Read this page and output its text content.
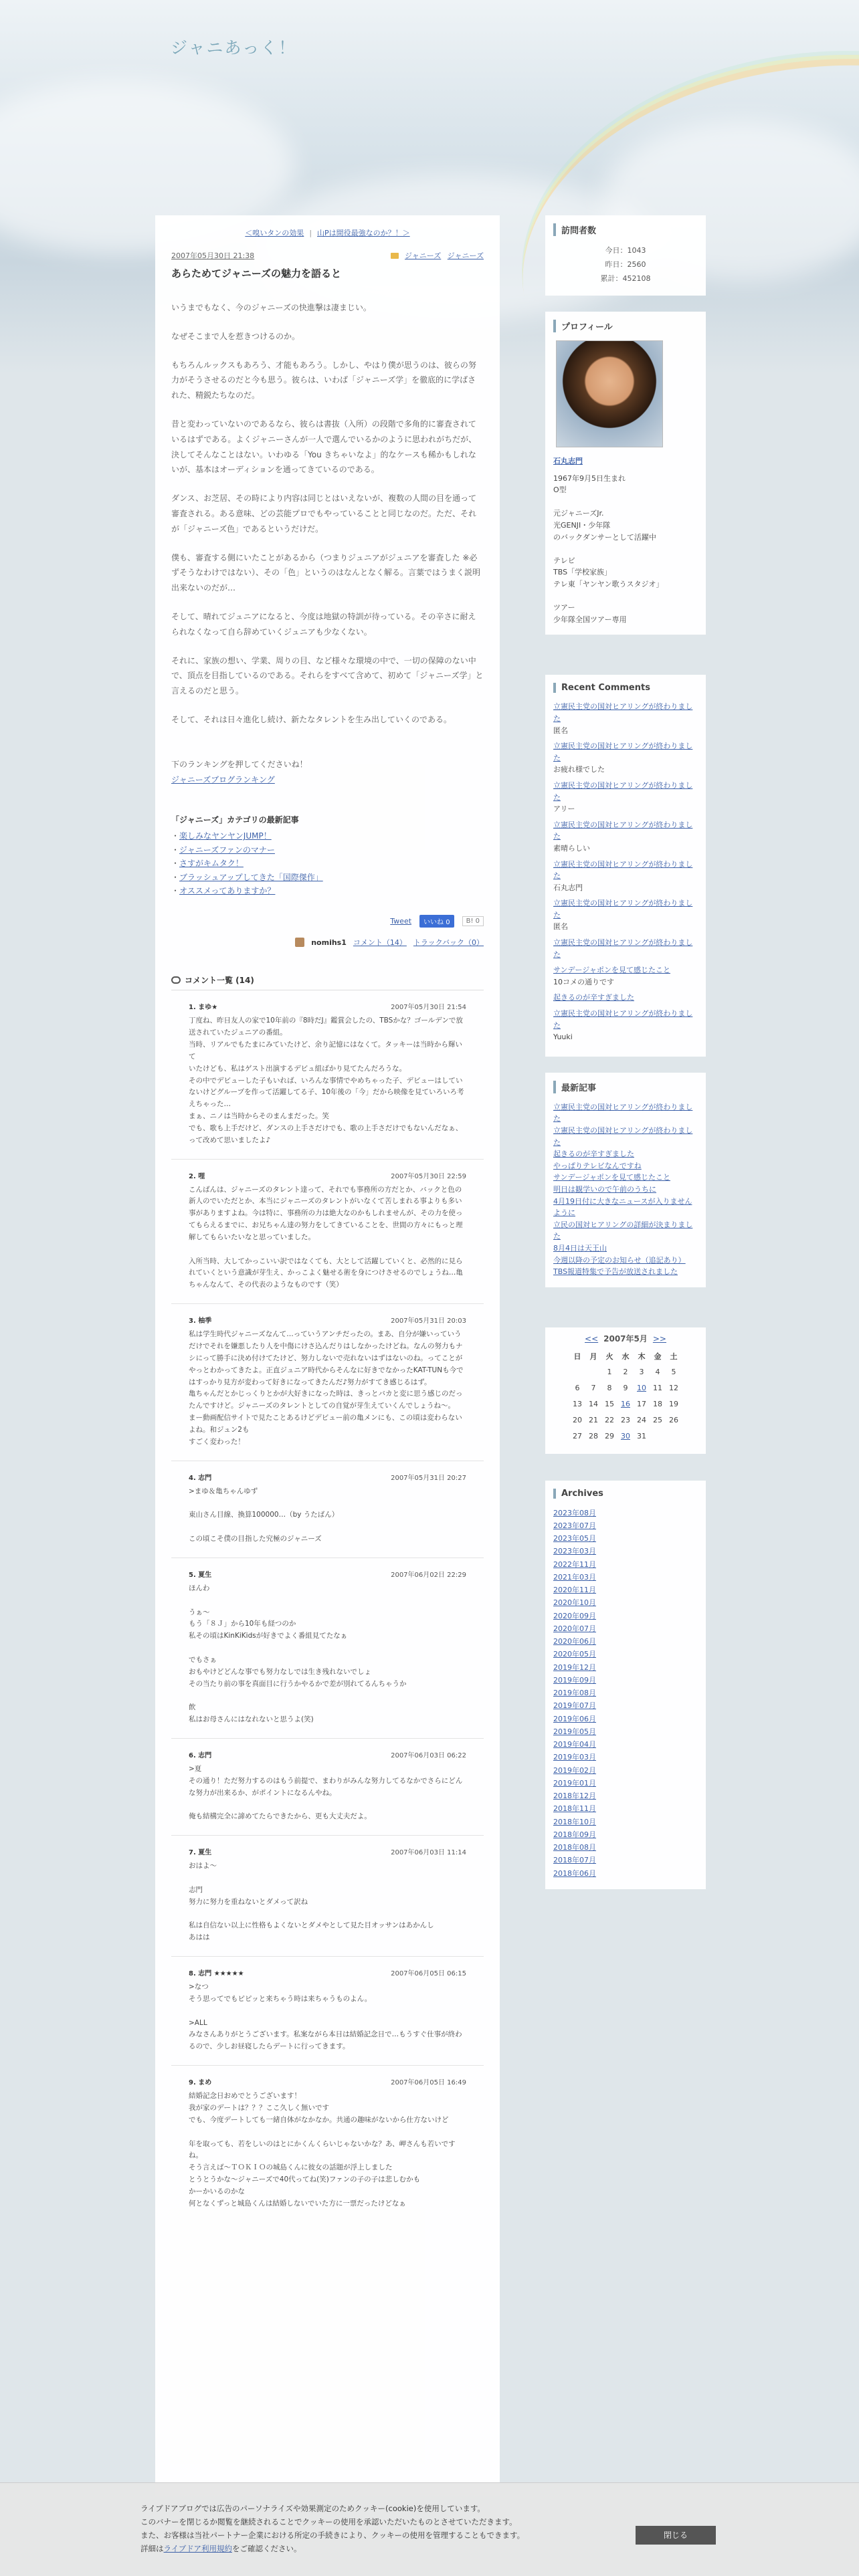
ジャニあっく！
＜嗅いタンの効果 | 山Pは間役最強なのか？！＞
2007年05月30日 21:38	ジャニーズ ジャニーズ
あらためてジャニーズの魅力を語ると

いうまでもなく、今のジャニーズの快進撃は凄まじい。

なぜそこまで人を惹きつけるのか。

もちろんルックスもあろう、才能もあろう。しかし、やはり僕が思うのは、彼らの努力がそうさせるのだと今も思う。彼らは、いわば「ジャニーズ学」を徹底的に学ばされた、精鋭たちなのだ。

昔と変わっていないのであるなら、彼らは書抜（入所）の段階で多角的に審査されているはずである。よくジャニーさんが一人で選んでいるかのように思われがちだが、決してそんなことはない。いわゆる「You きちゃいなよ」的なケースも稀かもしれないが、基本はオーディションを通ってきているのである。

ダンス、お芝居、その時により内容は同じとはいえないが、複数の人間の目を通って審査される。ある意味、どの芸能プロでもやっていることと同じなのだ。ただ、それが「ジャニーズ色」であるというだけだ。

僕も、審査する側にいたことがあるから（つまりジュニアがジュニアを審査した ※必ずそうなわけではない）、その「色」というのはなんとなく解る。言葉ではうまく説明出来ないのだが…

そして、晴れてジュニアになると、今度は地獄の特訓が待っている。その辛さに耐えられなくなって自ら辞めていくジュニアも少なくない。

それに、家族の想い、学業、周りの目、など様々な環境の中で、一切の保障のない中で、頂点を目指しているのである。それらをすべて含めて、初めて「ジャニーズ学」と言えるのだと思う。

そして、それは日々進化し続け、新たなタレントを生み出していくのである。

下のランキングを押してくださいね！
ジャニーズブログランキング
「ジャニーズ」カテゴリの最新記事
・ 楽しみなヤンヤンJUMP！
・ ジャニーズファンのマナー
・ さすがキムタク！
・ ブラッシュアップしてきた「国際傑作」
・ オススメってありますか？
Tweet	いいね 0	B! 0
nomihs1 コメント（14） トラックバック（0）
コメント一覧 (14)
1. まゆ★	2007年05月30日 21:54
丁度ね、昨日友人の家で10年前の『8時だJ』鑑賞会したの、TBSかな？ゴールデンで放送されていたジュニアの番組。
当時、リアルでもたまにみていたけど、余り記憶にはなくて。タッキーは当時から輝いて
いたけども、私はゲスト出演するデビュ組ばかり見てたんだろうな。
その中でデビューした子もいれば、いろんな事情でやめちゃった子、デビューはしていないけどグループを作って活躍してる子、10年後の「今」だから映像を見ていろいろ考えちゃった…
まぁ、ニノは当時からそのまんまだった。笑
でも、歌も上手だけど、ダンスの上手さだけでも、歌の上手さだけでもないんだなぁ、って改めて思いましたよ♪
2. 哩	2007年05月30日 22:59
こんばんは、ジャニーズのタレント達って、それでも事務所の方だとか、バックと色の新人のでいただとか、本当にジャニーズのタレントがいなくて苦しまれる事よりも多い事がありますよね。今は特に、事務所の力は絶大なのかもしれませんが、その力を使ってもらえるまでに、お兄ちゃん達の努力をしてきていることを、世間の方々にもっと理解してもらいたいなと思っていました。

入所当時、大してかっこいい訳ではなくても、大として活躍していくと、必然的に見られていくという意識が芽生え、かっこよく魅せる術を身につけさせるのでしょうね…亀ちゃんなんて、その代表のようなものです（笑）
3. 柚季	2007年05月31日 20:03
私は学生時代ジャニーズなんて…っていうアンチだったの。まあ、自分が嫌いっていうだけでそれを嫌悪したり人を中傷にけさ込んだりはしなかったけどね。なんの努力もナシにって勝手に決め付けてたけど、努力しないで売れないはずはないのね。ってことがやっとわかってきたよ。正直ジュニア時代からそんなに好きでなかったKAT-TUNも今ではすっかり見方が変わって好きになってきたんだ♪努力がすてき感じるはず。
亀ちゃんだとかじっくりとかが大好きになった時は、きっとバカと変に思う感じのだったんですけど。ジャニーズのタレントとしての自覚が芽生えていくんでしょうね～。
まー動画配信サイトで見たことあるけどデビュー前の亀メンにも、この頃は変わらないよね。和ジュン2も
すごく変わった！
4. 志門	2007年05月31日 20:27
>まゆ＆亀ちゃんゆず

東山さん目線、換算100000…（by うたばん）

この頃こそ僕の目指した究極のジャニーズ
5. 夏生	2007年06月02日 22:29
ほんわ

うぁ～
もう「８Ｊ」から10年も経つのか
私その頃はKinKiKidsが好きでよく番組見てたなぁ

でもさぁ
おもやけどどんな事でも努力なしでは生き残れないでしょ
その当たり前の事を真面目に行うかやるかで差が別れてるんちゃうか

飲
私はお母さんにはなれないと思うよ(笑)
6. 志門	2007年06月03日 06:22
>夏
その通り！ただ努力するのはもう前提で、まわりがみんな努力してるなかでさらにどんな努力が出来るか、がポイントになるんやね。

俺も結構完全に諦めてたらできたから、更も大丈夫だよ。
7. 夏生	2007年06月03日 11:14
おはよ～

志門
努力に努力を重ねないとダメって訳ね

私は自信ない以上に性格もよくないとダメやとして見た目オッサンはあかんし
あはは
8. 志門 ★★★★★	2007年06月05日 06:15
>なつ
そう思ってでもピピッと来ちゃう時は来ちゃうものよん。

>ALL
みなさんありがとうございます。私案ながら本日は結婚記念日で…もうすぐ仕事が終わるので、少しお昼寝したらデートに行ってきます。
9. まめ	2007年06月05日 16:49
結婚記念日おめでとうございます！
我が家のデートは？？？ここ久しく無いです
でも、今度デートしても一緒自体がなかなか。共通の趣味がないから仕方ないけど

年を取っても、若をしいのはとにかくんくらいじゃないかな？あ、岬さんも若いですね。
そう言えば～ＴＯＫＩＯの城島くんに彼女の話題が浮上しました
とうとうかな～ジャニーズで40代ってね(笑)ファンの子の子は悲しむかも
かーかいるのかな
何となくずっと城島くんは結婚しないでいた方に一票だったけどなぁ
訪問者数
今日：1043
昨日：2560
累計：452108
プロフィール
石丸志門
1967年9月5日生まれ
O型

元ジャニーズJr.
光GENJI・少年隊
のバックダンサーとして活躍中

テレビ
TBS「学校家族」
テレ東「ヤンヤン歌うスタジオ」

ツアー
少年隊全国ツアー専用
Recent Comments
立憲民主党の国対ヒアリングが終わりました
匿名
立憲民主党の国対ヒアリングが終わりました
お疲れ様でした
立憲民主党の国対ヒアリングが終わりました
アリー
立憲民主党の国対ヒアリングが終わりました
素晴らしい
立憲民主党の国対ヒアリングが終わりました
石丸志門
立憲民主党の国対ヒアリングが終わりました
匿名
立憲民主党の国対ヒアリングが終わりました
サンデージャポンを見て感じたこと
10コメの通りです
起きるのが辛すぎました
立憲民主党の国対ヒアリングが終わりました
Yuuki
最新記事
立憲民主党の国対ヒアリングが終わりました
立憲民主党の国対ヒアリングが終わりました
起きるのが辛すぎました
やっぱりテレビなんですね
サンデージャポンを見て感じたこと
明日は観学いので午前のうちに
4月19日付に大きなニュースが入りませんように
立民の国対ヒアリングの詳細が決まりました
8月4日は天王山
今週以降の予定のお知らせ（追記あり）
TBS報道特集で予告が放送されました
<< 2007年5月 >>
日	月	火	水	木	金	土
		1	2	3	4	5
6	7	8	9	10	11	12
13	14	15	16	17	18	19
20	21	22	23	24	25	26
27	28	29	30	31		
Archives
2023年08月
2023年07月
2023年05月
2023年03月
2022年11月
2021年03月
2020年11月
2020年10月
2020年09月
2020年07月
2020年06月
2020年05月
2019年12月
2019年09月
2019年08月
2019年07月
2019年06月
2019年05月
2019年04月
2019年03月
2019年02月
2019年01月
2018年12月
2018年11月
2018年10月
2018年09月
2018年08月
2018年07月
2018年06月
ライブドアブログでは広告のパーソナライズや効果測定のためクッキー(cookie)を使用しています。
このバナーを閉じるか閲覧を継続されることでクッキーの使用を承認いただいたものとさせていただきます。
また、お客様は当社パートナー企業における所定の手続きにより、クッキーの使用を管理することもできます。
詳細はライブドア利用規約をご確認ください。
閉じる
